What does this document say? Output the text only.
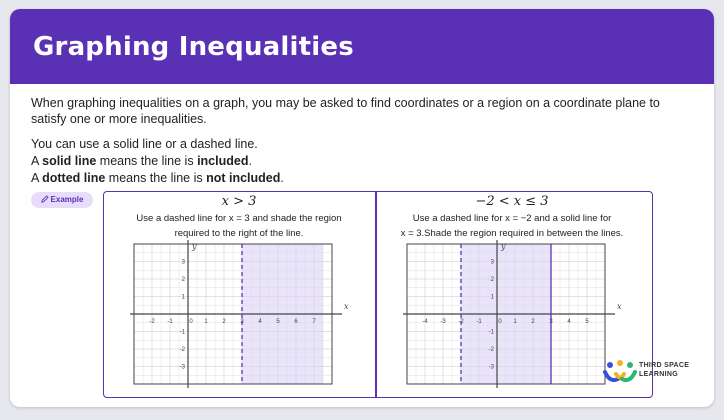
Graphing Inequalities

When graphing inequalities on a graph, you may be asked to find coordinates or a region on a coordinate plane to satisfy one or more inequalities.

You can use a solid line or a dashed line.
A solid line means the line is included.
A dotted line means the line is not included.
Example	x > 3
Use a dashed line for x = 3 and shade the region
required to the right of the line.
-2 -1	0 1 2 3 4 5 6 7
3
2
1
-1
-2
-3
x
y
−2 < x ≤ 3
Use a dashed line for x = −2 and a solid line for
x = 3.Shade the region required in between the lines.
-4 -3 -2 -1	0 1 2 3 4 5
3
2
1
-1
-2
-3
x
y
THIRD SPACE
LEARNING
